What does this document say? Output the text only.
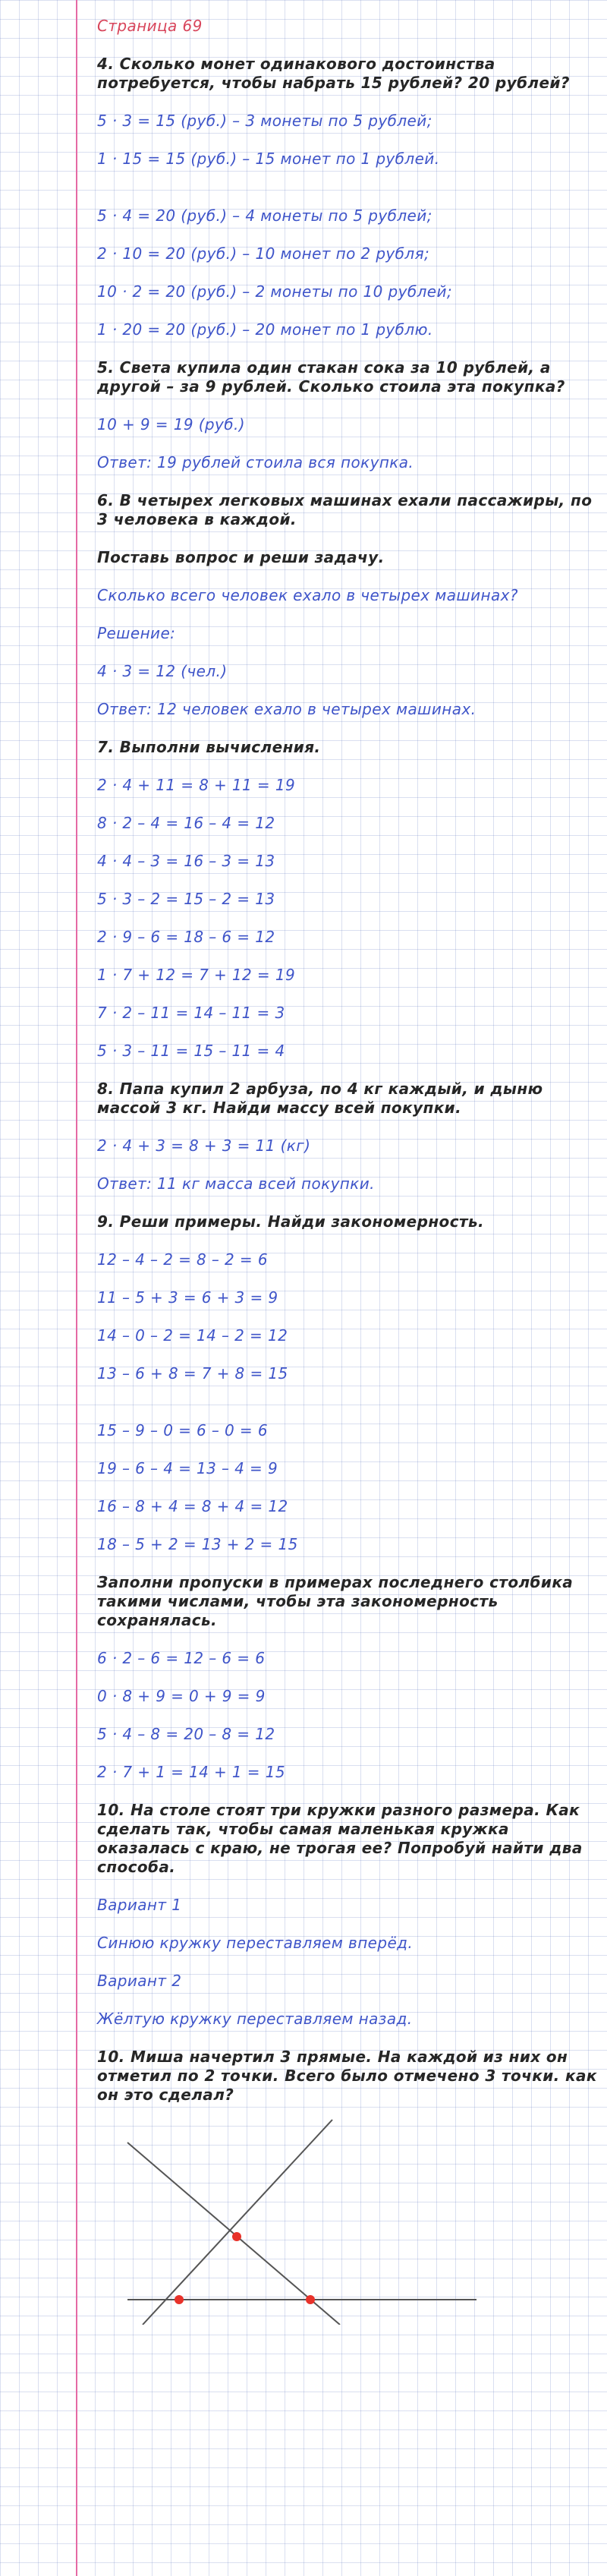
Страница 69
4. Сколько монет одинакового достоинства потребуется, чтобы набрать 15 рублей? 20 рублей?
5 · 3 = 15 (руб.) – 3 монеты по 5 рублей;
1 · 15 = 15 (руб.) – 15 монет по 1 рублей.
5 · 4 = 20 (руб.) – 4 монеты по 5 рублей;
2 · 10 = 20 (руб.) – 10 монет по 2 рубля;
10 · 2 = 20 (руб.) – 2 монеты по 10 рублей;
1 · 20 = 20 (руб.) – 20 монет по 1 рублю.
5. Света купила один стакан сока за 10 рублей, а другой – за 9 рублей. Сколько стоила эта покупка?
10 + 9 = 19 (руб.)
Ответ: 19 рублей стоила вся покупка.
6. В четырех легковых машинах ехали пассажиры, по 3 человека в каждой.
Поставь вопрос и реши задачу.
Сколько всего человек ехало в четырех машинах?
Решение:
4 · 3 = 12 (чел.)
Ответ: 12 человек ехало в четырех машинах.
7. Выполни вычисления.
2 · 4 + 11 = 8 + 11 = 19
8 · 2 – 4 = 16 – 4 = 12
4 · 4 – 3 = 16 – 3 = 13
5 · 3 – 2 = 15 – 2 = 13
2 · 9 – 6 = 18 – 6 = 12
1 · 7 + 12 = 7 + 12 = 19
7 · 2 – 11 = 14 – 11 = 3
5 · 3 – 11 = 15 – 11 = 4
8. Папа купил 2 арбуза, по 4 кг каждый, и дыню массой 3 кг. Найди массу всей покупки.
2 · 4 + 3 = 8 + 3 = 11 (кг)
Ответ: 11 кг масса всей покупки.
9. Реши примеры. Найди закономерность.
12 – 4 – 2 = 8 – 2 = 6
11 – 5 + 3 = 6 + 3 = 9
14 – 0 – 2 = 14 – 2 = 12
13 – 6 + 8 = 7 + 8 = 15
15 – 9 – 0 = 6 – 0 = 6
19 – 6 – 4 = 13 – 4 = 9
16 – 8 + 4 = 8 + 4 = 12
18 – 5 + 2 = 13 + 2 = 15
Заполни пропуски в примерах последнего столбика такими числами, чтобы эта закономерность сохранялась.
6 · 2 – 6 = 12 – 6 = 6
0 · 8 + 9 = 0 + 9 = 9
5 · 4 – 8 = 20 – 8 = 12
2 · 7 + 1 = 14 + 1 = 15
10. На столе стоят три кружки разного размера. Как сделать так, чтобы самая маленькая кружка оказалась с краю, не трогая ее? Попробуй найти два способа.
Вариант 1
Синюю кружку переставляем вперёд.
Вариант 2
Жёлтую кружку переставляем назад.
10. Миша начертил 3 прямые. На каждой из них он отметил по 2 точки. Всего было отмечено 3 точки. как он это сделал?
